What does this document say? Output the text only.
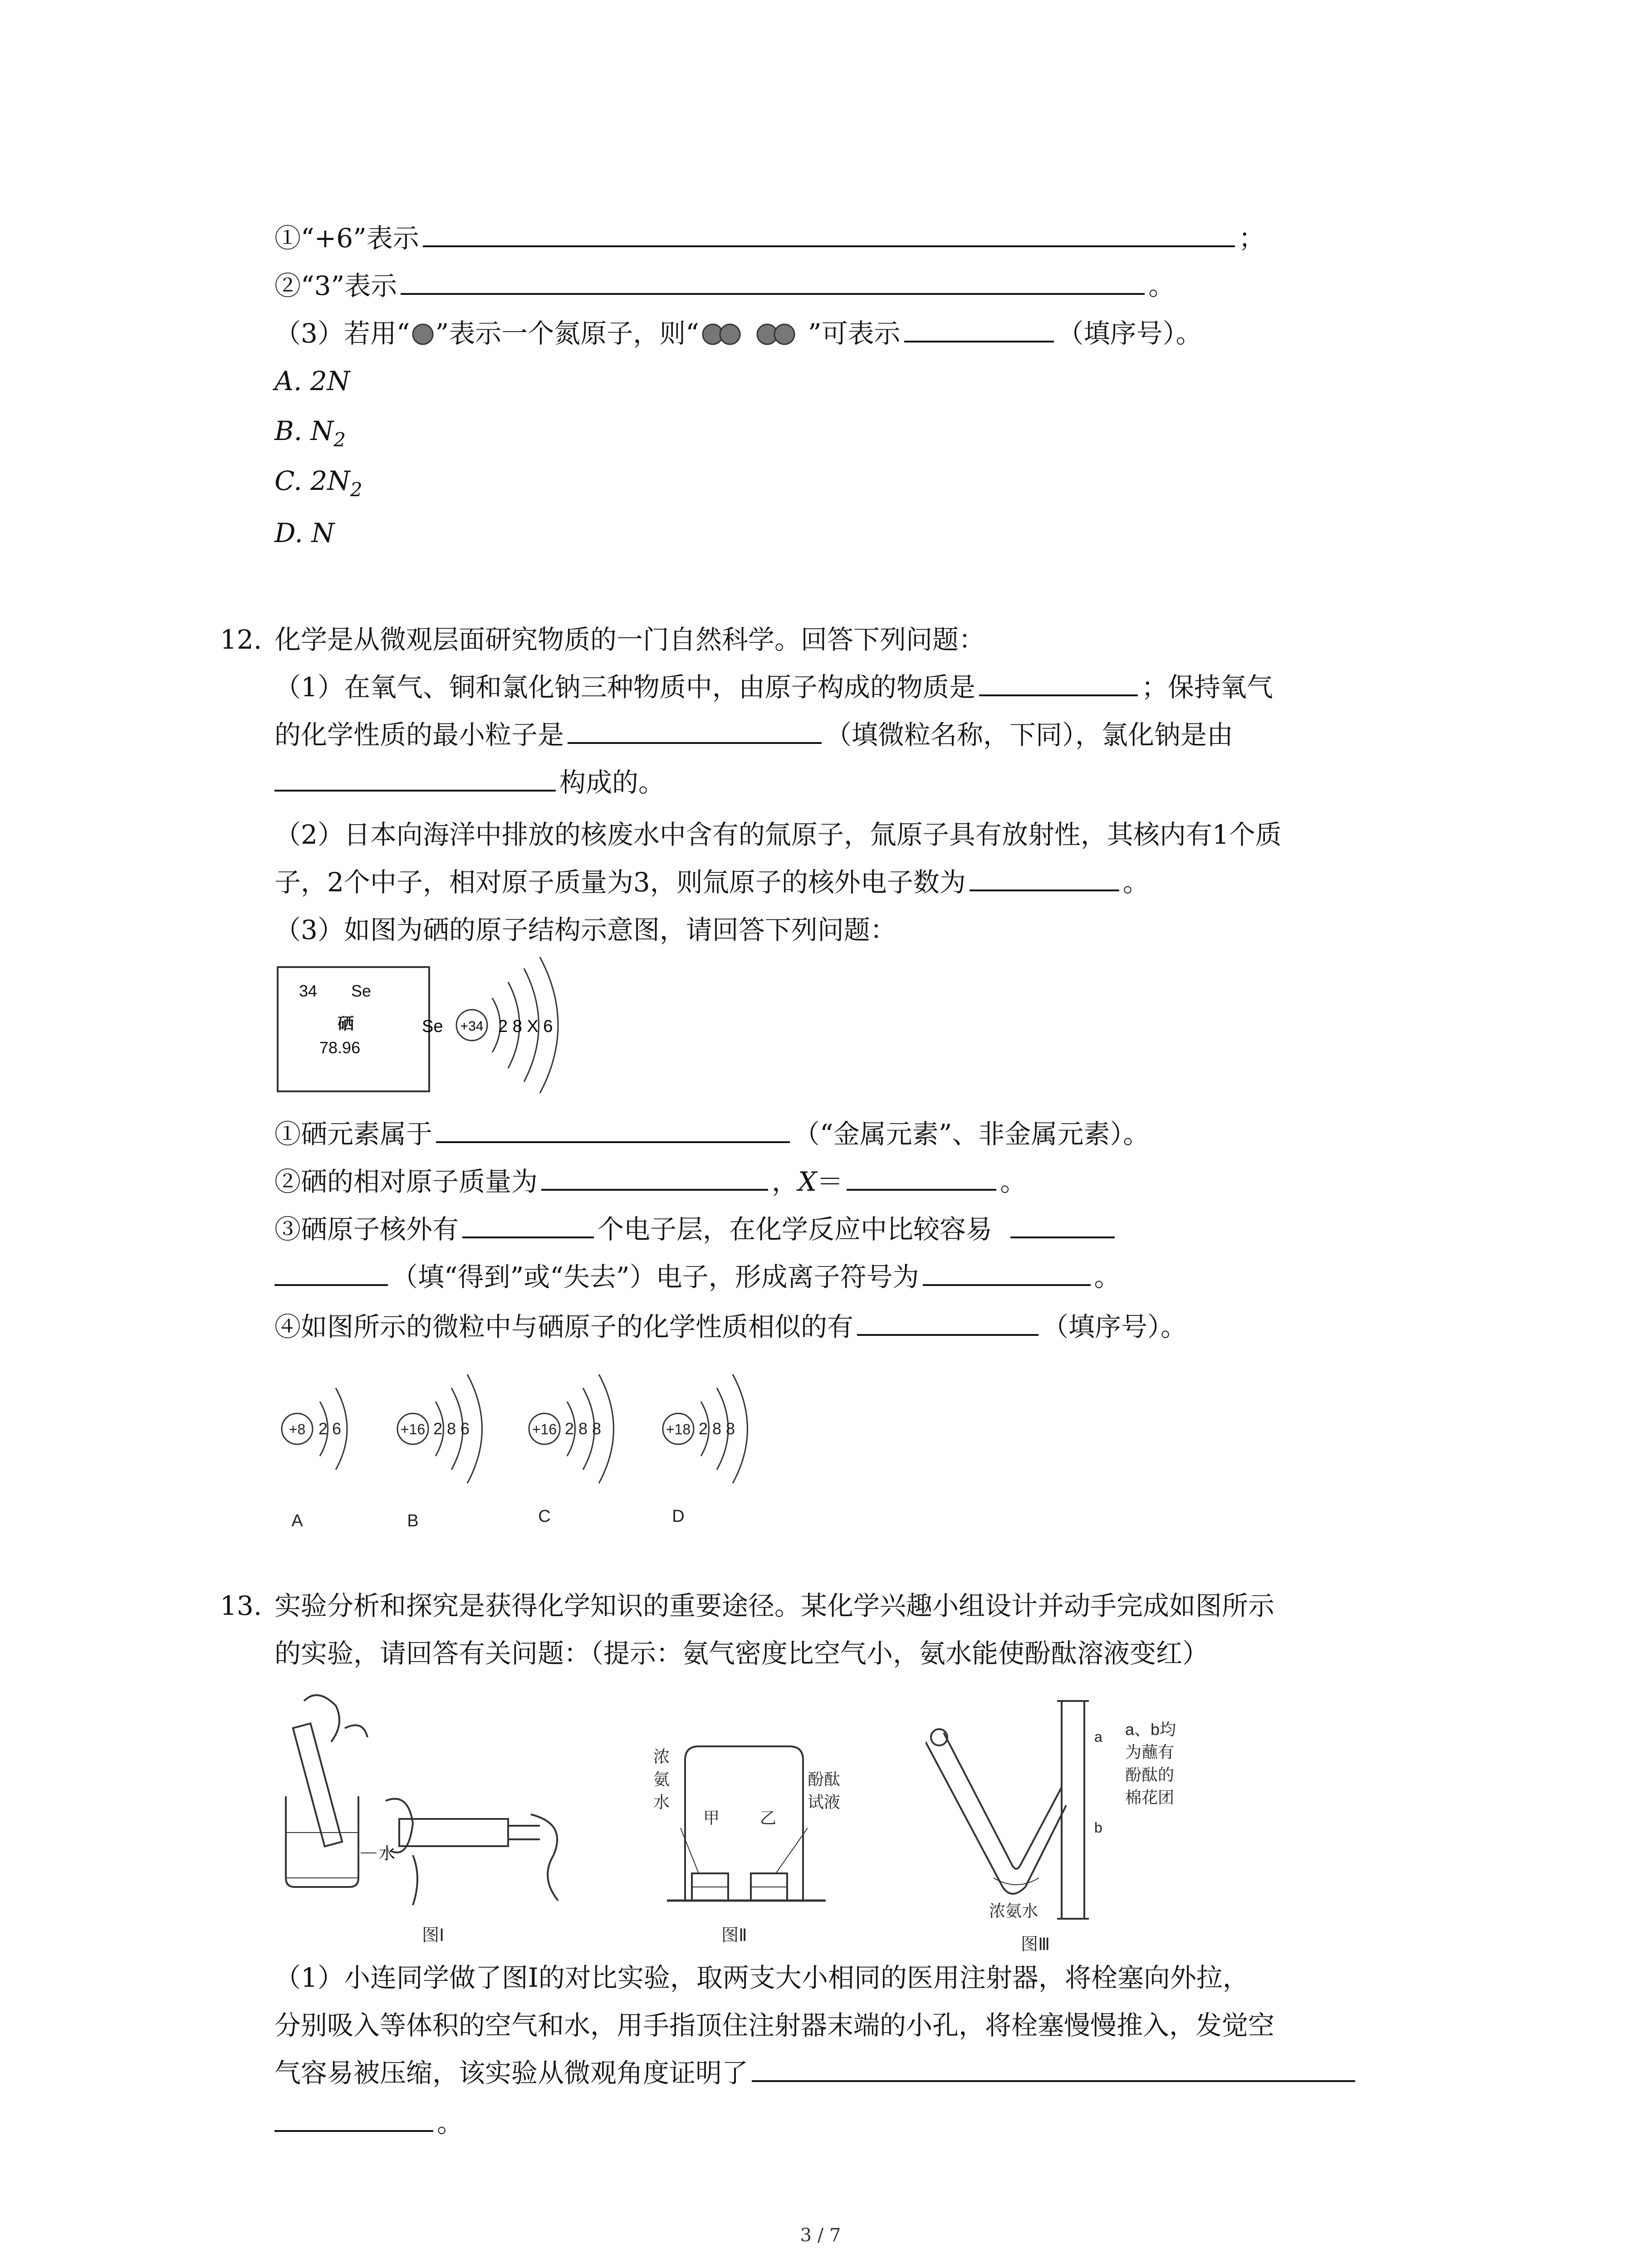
①“+6”表示	；
②“3”表示	。
（3）若用“ ”表示一个氮原子，则“	”可表示	（填序号）。
A. 2N
B. $N_2$
C. $2N_2$
D. N
12. 化学是从微观层面研究物质的一门自然科学。回答下列问题：
（1）在氧气、铜和氯化钠三种物质中，由原子构成的物质是	；保持氧气
的化学性质的最小粒子是	（填微粒名称，下同），氯化钠是由
构成的。
（2）日本向海洋中排放的核废水中含有的氚原子，氚原子具有放射性，其核内有1个质
子，2个中子，相对原子质量为3，则氚原子的核外电子数为	。
（3）如图为硒的原子结构示意图，请回答下列问题：
34 Se
硒
78.96
Se +34 2 8 X 6
①硒元素属于	（“金属元素”、非金属元素）。
②硒的相对原子质量为	，X＝	。
③硒原子核外有	个电子层，在化学反应中比较容易
（填“得到”或“失去”）电子，形成离子符号为	。
④如图所示的微粒中与硒原子的化学性质相似的有	（填序号）。
+8 2 6
A
+16 2 8 6
B
+16 2 8 8
C
+18 2 8 8
D
13. 实验分析和探究是获得化学知识的重要途径。某化学兴趣小组设计并动手完成如图所示
的实验，请回答有关问题：（提示：氨气密度比空气小，氨水能使酚酞溶液变红）
水
图Ⅰ
浓
氨
水
甲 乙
酚酞
试液
图Ⅱ
a
b
a、b均
为蘸有
酚酞的
棉花团
浓氨水
图Ⅲ
（1）小连同学做了图Ⅰ的对比实验，取两支大小相同的医用注射器，将栓塞向外拉，
分别吸入等体积的空气和水，用手指顶住注射器末端的小孔，将栓塞慢慢推入，发觉空
气容易被压缩，该实验从微观角度证明了
。
3 / 7
